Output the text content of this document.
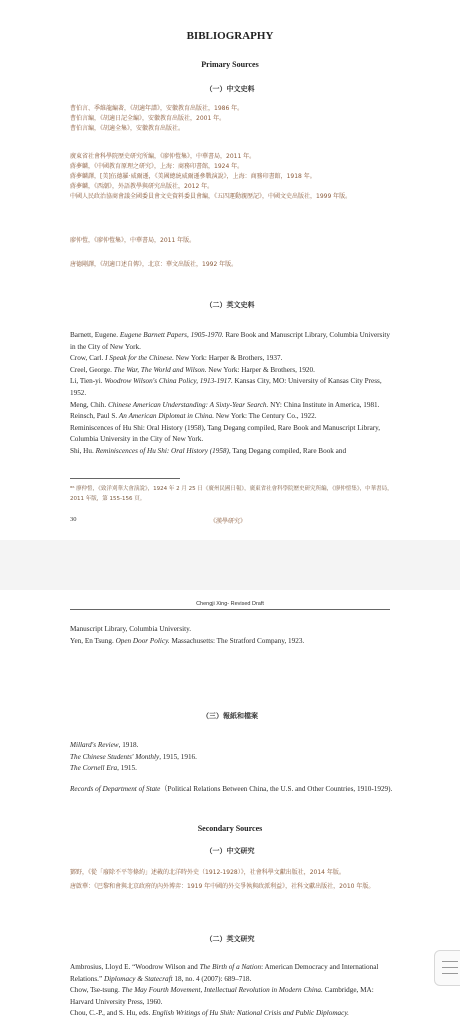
BIBLIOGRAPHY
Primary Sources
（一）中文史料
曹伯言、季維龍編著，《胡適年譜》，安徽教育出版社，1986 年。
曹伯言編，《胡適日記全編》，安徽教育出版社，2001 年。
曹伯言編，《胡適全集》，安徽教育出版社。
廣東省社會科學院歷史研究所編，《廖仲愷集》，中華書局，2011 年。
蔣夢麟，《中國教育原理之研究》，上海：商務印書館，1924 年。
蔣夢麟譯，[美]伍德羅·威爾遜，《美國總統威爾遜參戰演說》，上海：商務印書館，1918 年。
蔣夢麟，《西潮》，外語教學與研究出版社，2012 年。
中國人民政治協商會議全國委員會文史資料委員會編，《五四運動親歷記》，中國文史出版社，1999 年版。
廖仲愷，《廖仲愷集》，中華書局，2011 年版。
唐德剛譯，《胡適口述自傳》，北京：華文出版社，1992 年版。
（二）英文史料
Barnett, Eugene. Eugene Barnett Papers, 1905-1970. Rare Book and Manuscript Library, Columbia University in the City of New York.
Crow, Carl. I Speak for the Chinese. New York: Harper & Brothers, 1937.
Creel, George. The War, The World and Wilson. New York: Harper & Brothers, 1920.
Li, Tien-yi. Woodrow Wilson's China Policy, 1913-1917. Kansas City, MO: University of Kansas City Press, 1952.
Meng, Chih. Chinese American Understanding: A Sixty-Year Search. NY: China Institute in America, 1981.
Reinsch, Paul S. An American Diplomat in China. New York: The Century Co., 1922.
Reminiscences of Hu Shi: Oral History (1958), Tang Degang compiled, Rare Book and Manuscript Library, Columbia University in the City of New York.
Shi, Hu. Reminiscences of Hu Shi: Oral History (1958), Tang Degang compiled, Rare Book and
⁸⁶ 廖仲愷，《致洋刈華大會演說》，1924 年 2 月 25 日《廣州民國日報》，廣東省社會科學院歷史研究所編，《廖仲愷集》，中華書局，2011 年版，第 155-156 頁。
30	《漢學研究》
Chengji Xing- Revised Draft
Manuscript Library, Columbia University.
Yen, En Tsung. Open Door Policy. Massachusetts: The Stratford Company, 1923.
（三）報紙和檔案
Millard's Review, 1918.
The Chinese Students' Monthly, 1915, 1916.
The Cornell Era, 1915.
Records of Department of State（Political Relations Between China, the U.S. and Other Countries, 1910-1929).
Secondary Sources
（一）中文研究
鄧野，《從「廢除不平等條約」述載的北洋時外史（1912-1928）》，社會科學文獻出版社，2014 年版。
唐啟華：《巴黎和會與北京政府的內外博弈：1919 年中國的外交爭執與政派利益》，社科文獻出版社，2010 年版。
（二）英文研究
Ambrosius, Lloyd E. “Woodrow Wilson and The Birth of a Nation: American Democracy and International Relations.” Diplomacy & Statecraft 18, no. 4 (2007): 689–718.
Chow, Tse-tsung. The May Fourth Movement, Intellectual Revolution in Modern China. Cambridge, MA: Harvard University Press, 1960.
Chou, C.-P., and S. Hu, eds. English Writings of Hu Shih: National Crisis and Public Diplomacy.
